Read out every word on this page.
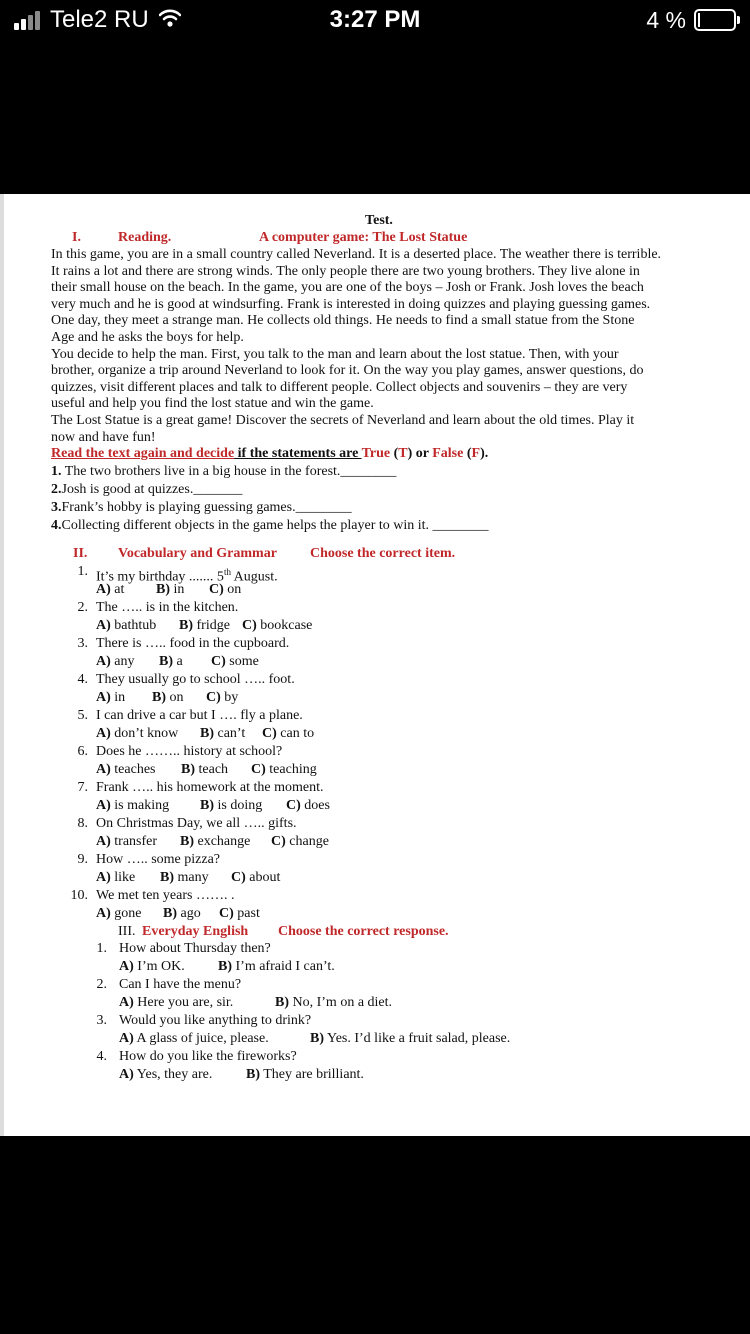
Tele2 RU	3:27 PM	4 %
Test.
I.	Reading.	A computer game: The Lost Statue
In this game, you are in a small country called Neverland. It is a deserted place. The weather there is terrible.
It rains a lot and there are strong winds. The only people there are two young brothers. They live alone in
their small house on the beach. In the game, you are one of the boys – Josh or Frank. Josh loves the beach
very much and he is good at windsurfing. Frank is interested in doing quizzes and playing guessing games.
One day, they meet a strange man. He collects old things. He needs to find a small statue from the Stone
Age and he asks the boys for help.
You decide to help the man. First, you talk to the man and learn about the lost statue. Then, with your
brother, organize a trip around Neverland to look for it. On the way you play games, answer questions, do
quizzes, visit different places and talk to different people. Collect objects and souvenirs – they are very
useful and help you find the lost statue and win the game.
The Lost Statue is a great game! Discover the secrets of Neverland and learn about the old times. Play it
now and have fun!
Read the text again and decide if the statements are True (T) or False (F).
1. The two brothers live in a big house in the forest.________
2.Josh is good at quizzes._______
3.Frank’s hobby is playing guessing games.________
4.Collecting different objects in the game helps the player to win it. ________
II. Vocabulary and Grammar Choose the correct item.
1. It’s my birthday ....... 5th August.
A) at B) in C) on
2. The ….. is in the kitchen.
A) bathtub B) fridge C) bookcase
3. There is ….. food in the cupboard.
A) any B) a C) some
4. They usually go to school ….. foot.
A) in B) on C) by
5. I can drive a car but I …. fly a plane.
A) don’t know B) can’t C) can to
6. Does he …….. history at school?
A) teaches B) teach C) teaching
7. Frank ….. his homework at the moment.
A) is making B) is doing C) does
8. On Christmas Day, we all ….. gifts.
A) transfer B) exchange C) change
9. How ….. some pizza?
A) like B) many C) about
10. We met ten years ……. .
A) gone B) ago C) past
III. Everyday English Choose the correct response.
1. How about Thursday then?
A) I’m OK. B) I’m afraid I can’t.
2. Can I have the menu?
A) Here you are, sir.	B) No, I’m on a diet.
3. Would you like anything to drink?
A) A glass of juice, please.	B) Yes. I’d like a fruit salad, please.
4. How do you like the fireworks?
A) Yes, they are. B) They are brilliant.
